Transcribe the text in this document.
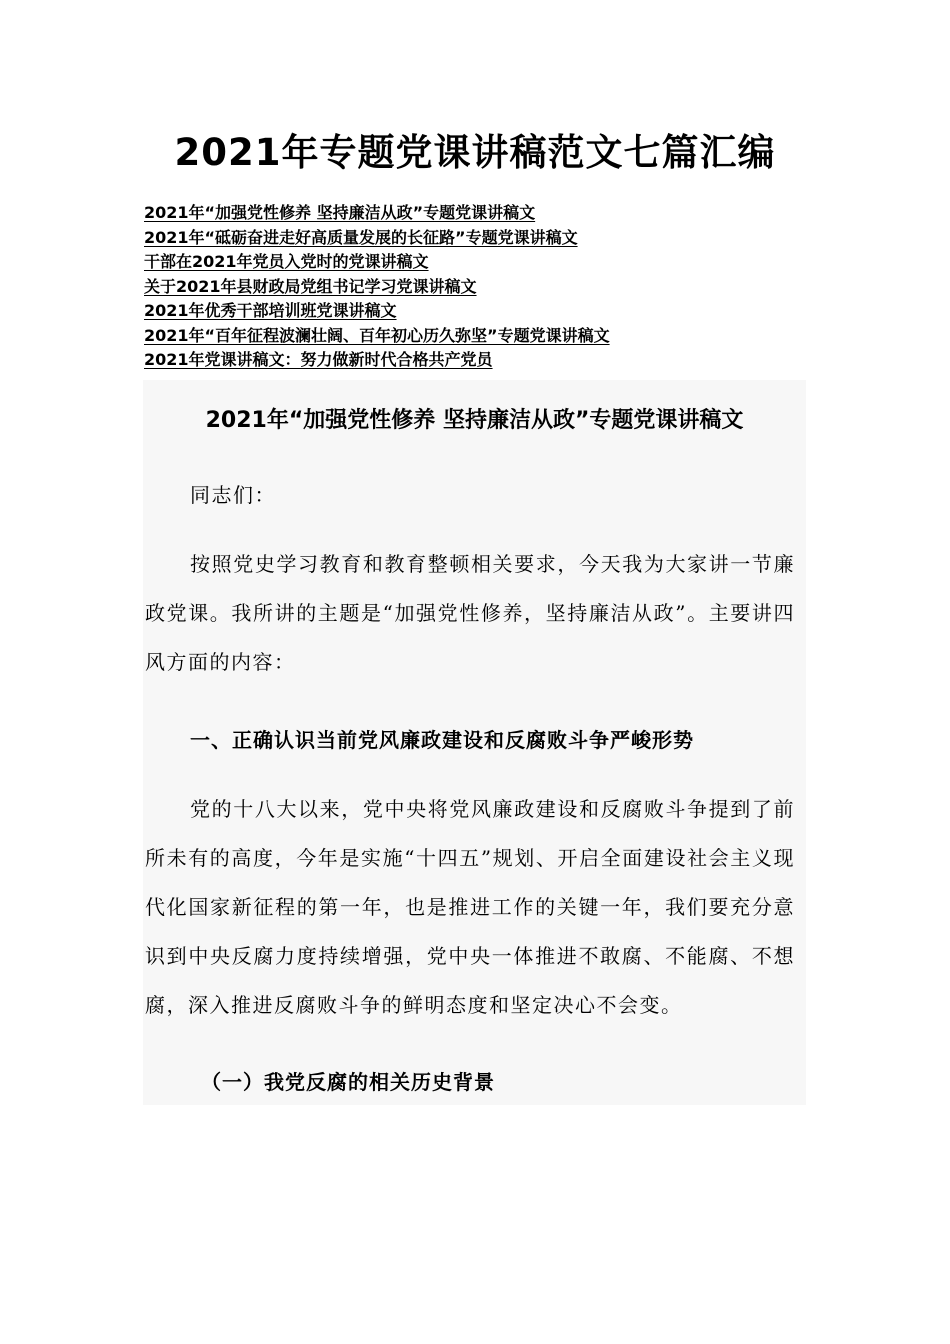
2021年专题党课讲稿范文七篇汇编
2021年“加强党性修养 坚持廉洁从政”专题党课讲稿文
2021年“砥砺奋进走好高质量发展的长征路”专题党课讲稿文
干部在2021年党员入党时的党课讲稿文
关于2021年县财政局党组书记学习党课讲稿文
2021年优秀干部培训班党课讲稿文
2021年“百年征程波澜壮阔、百年初心历久弥坚”专题党课讲稿文
2021年党课讲稿文：努力做新时代合格共产党员
2021年“加强党性修养 坚持廉洁从政”专题党课讲稿文

同志们：

按照党史学习教育和教育整顿相关要求，今天我为大家讲一节廉政党课。我所讲的主题是“加强党性修养，坚持廉洁从政”。主要讲四风方面的内容：

一、正确认识当前党风廉政建设和反腐败斗争严峻形势

党的十八大以来，党中央将党风廉政建设和反腐败斗争提到了前所未有的高度，今年是实施“十四五”规划、开启全面建设社会主义现代化国家新征程的第一年，也是推进工作的关键一年，我们要充分意识到中央反腐力度持续增强，党中央一体推进不敢腐、不能腐、不想腐，深入推进反腐败斗争的鲜明态度和坚定决心不会变。

（一）我党反腐的相关历史背景
